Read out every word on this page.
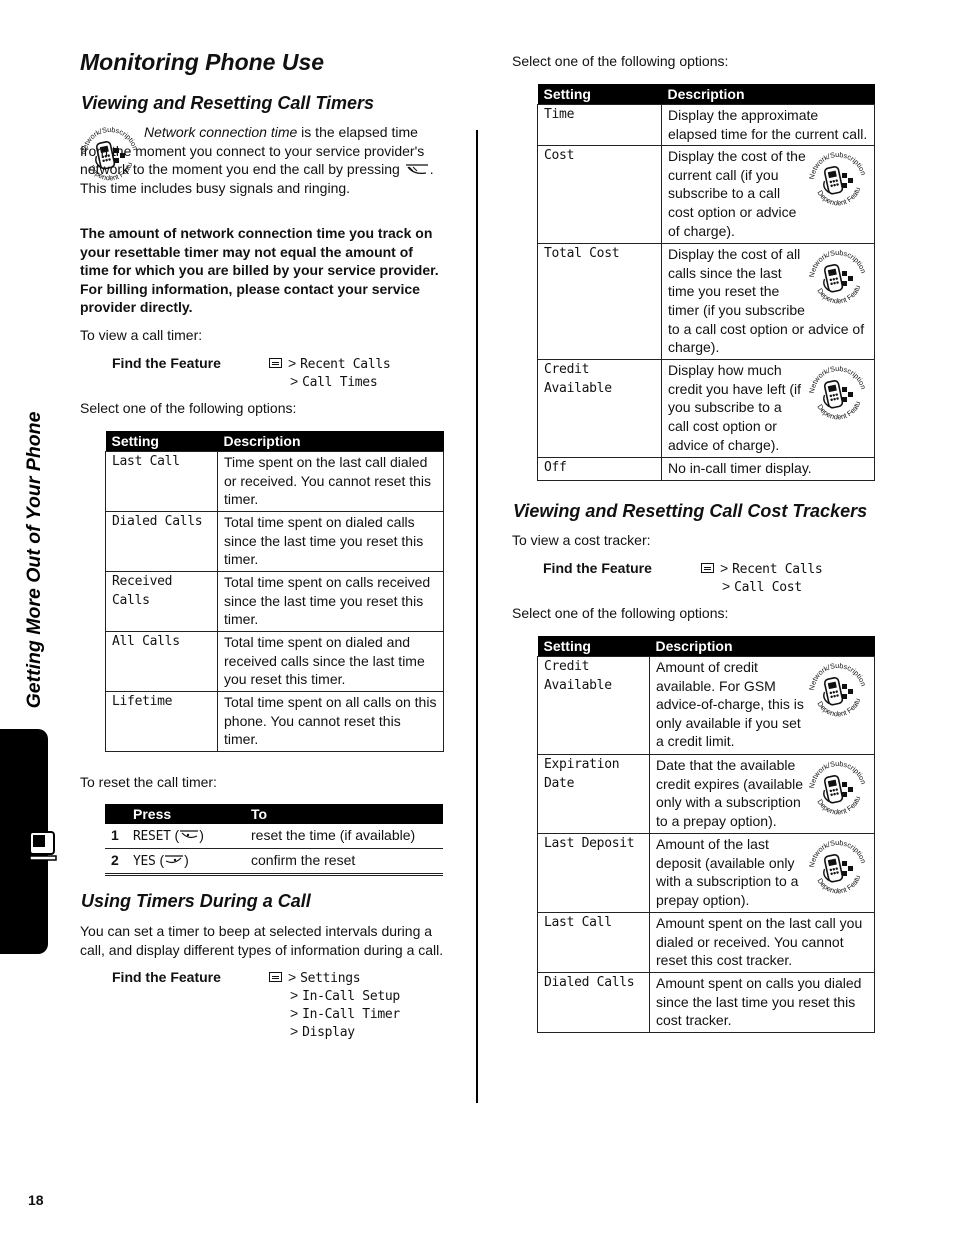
Getting More Out of Your Phone
18
Monitoring Phone Use
Viewing and Resetting Call Timers
Network connection time is the elapsed time from the moment you connect to your service provider's network to the moment you end the call by pressing . This time includes busy signals and ringing.
The amount of network connection time you track on your resettable timer may not equal the amount of time for which you are billed by your service provider. For billing information, please contact your service provider directly.
To view a call timer:
Find the Feature	> Recent Calls
> Call Times
Select one of the following options:
Setting	Description
Last Call	Time spent on the last call dialed or received. You cannot reset this timer.
Dialed Calls	Total time spent on dialed calls since the last time you reset this timer.
Received Calls	Total time spent on calls received since the last time you reset this timer.
All Calls	Total time spent on dialed and received calls since the last time you reset this timer.
Lifetime	Total time spent on all calls on this phone. You cannot reset this timer.
To reset the call timer:
	Press	To
1	RESET ( )	reset the time (if available)
2	YES ( )	confirm the reset
Using Timers During a Call
You can set a timer to beep at selected intervals during a call, and display different types of information during a call.
Find the Feature	> Settings
> In-Call Setup
> In-Call Timer
> Display
Select one of the following options:
Setting	Description
Time	Display the approximate elapsed time for the current call.
Cost	Display the cost of the current call (if you subscribe to a call cost option or advice of charge).
Total Cost	Display the cost of all calls since the last time you reset the timer (if you subscribe to a call cost option or advice of charge).
Credit Available	Display how much credit you have left (if you subscribe to a call cost option or advice of charge).
Off	No in-call timer display.
Viewing and Resetting Call Cost Trackers
To view a cost tracker:
Find the Feature	> Recent Calls
> Call Cost
Select one of the following options:
Setting	Description
Credit Available	Amount of credit available. For GSM advice-of-charge, this is only available if you set a credit limit.
Expiration Date	Date that the available credit expires (available only with a subscription to a prepay option).
Last Deposit	Amount of the last deposit (available only with a subscription to a prepay option).
Last Call	Amount spent on the last call you dialed or received. You cannot reset this cost tracker.
Dialed Calls	Amount spent on calls you dialed since the last time you reset this cost tracker.
